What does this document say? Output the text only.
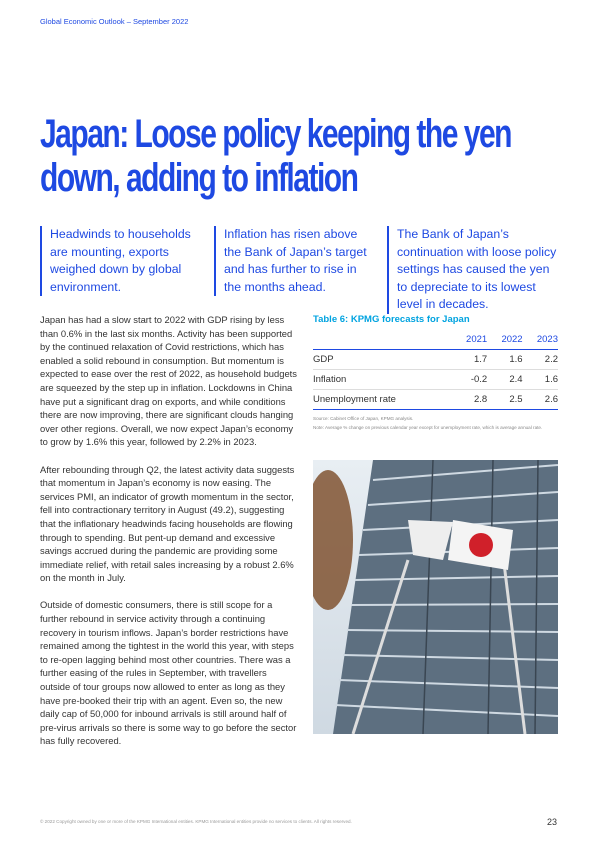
Global Economic Outlook – September 2022
Japan: Loose policy keeping the yen down, adding to inflation
Headwinds to households are mounting, exports weighed down by global environment.
Inflation has risen above the Bank of Japan’s target and has further to rise in the months ahead.
The Bank of Japan’s continuation with loose policy settings has caused the yen to depreciate to its lowest level in decades.

Japan has had a slow start to 2022 with GDP rising by less than 0.6% in the last six months. Activity has been supported by the continued relaxation of Covid restrictions, which has enabled a solid rebound in consumption. But momentum is expected to ease over the rest of 2022, as household budgets are squeezed by the step up in inflation. Lockdowns in China have put a significant drag on exports, and while conditions there are now improving, there are significant clouds hanging over other regions. Overall, we now expect Japan’s economy to grow by 1.6% this year, followed by 2.2% in 2023.

After rebounding through Q2, the latest activity data suggests that momentum in Japan’s economy is now easing. The services PMI, an indicator of growth momentum in the sector, fell into contractionary territory in August (49.2), suggesting that the inflationary headwinds facing households are flowing through to spending. But pent-up demand and excessive savings accrued during the pandemic are providing some immediate relief, with retail sales increasing by a robust 2.6% on the month in July.

Outside of domestic consumers, there is still scope for a further rebound in service activity through a continuing recovery in tourism inflows. Japan’s border restrictions have remained among the tightest in the world this year, with steps to re-open lagging behind most other countries. There was a further easing of the rules in September, with travellers outside of tour groups now allowed to enter as long as they have pre-booked their trip with an agent. Even so, the new daily cap of 50,000 for inbound arrivals is still around half of pre-virus arrivals so there is some way to go before the sector has fully recovered.

Table 6: KPMG forecasts for Japan
	2021	2022	2023
GDP	1.7	1.6	2.2
Inflation	-0.2	2.4	1.6
Unemployment rate	2.8	2.5	2.6
Source: Cabinet Office of Japan, KPMG analysis.
Note: Average % change on previous calendar year except for unemployment rate, which is average annual rate.
© 2022 Copyright owned by one or more of the KPMG International entities. KPMG International entities provide no services to clients. All rights reserved.	23
